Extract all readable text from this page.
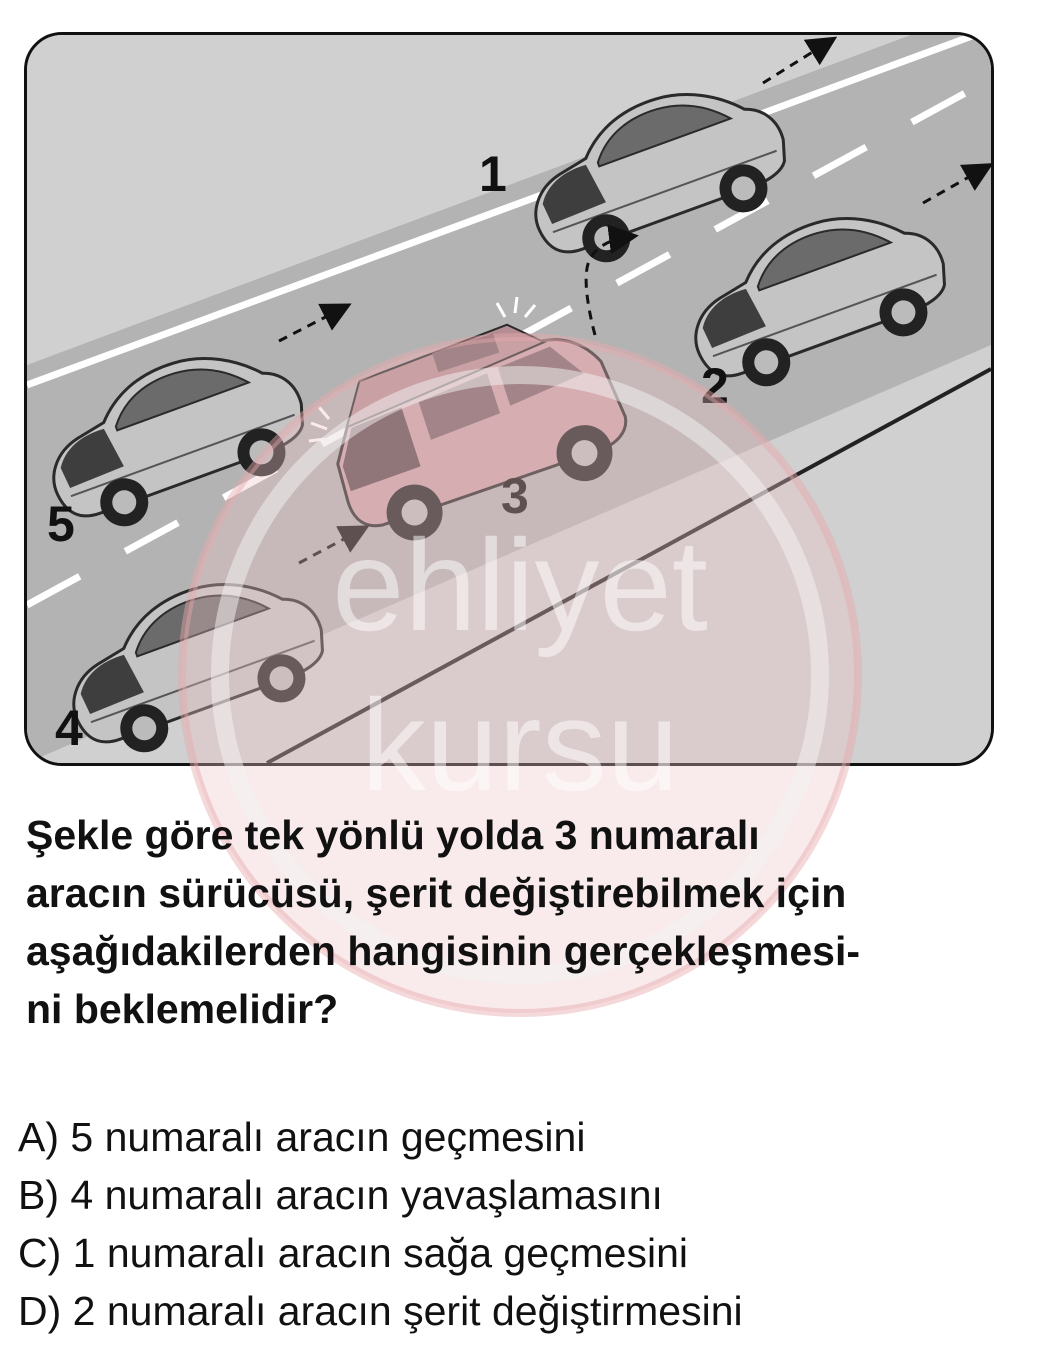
1
2
3
4
5 ehliyet
kursu

Şekle göre tek yönlü yolda 3 numaralı
aracın sürücüsü, şerit değiştirebilmek için
aşağıdakilerden hangisinin gerçekleşmesi-
ni beklemelidir?

A) 5 numaralı aracın geçmesini
B) 4 numaralı aracın yavaşlamasını
C) 1 numaralı aracın sağa geçmesini
D) 2 numaralı aracın şerit değiştirmesini
